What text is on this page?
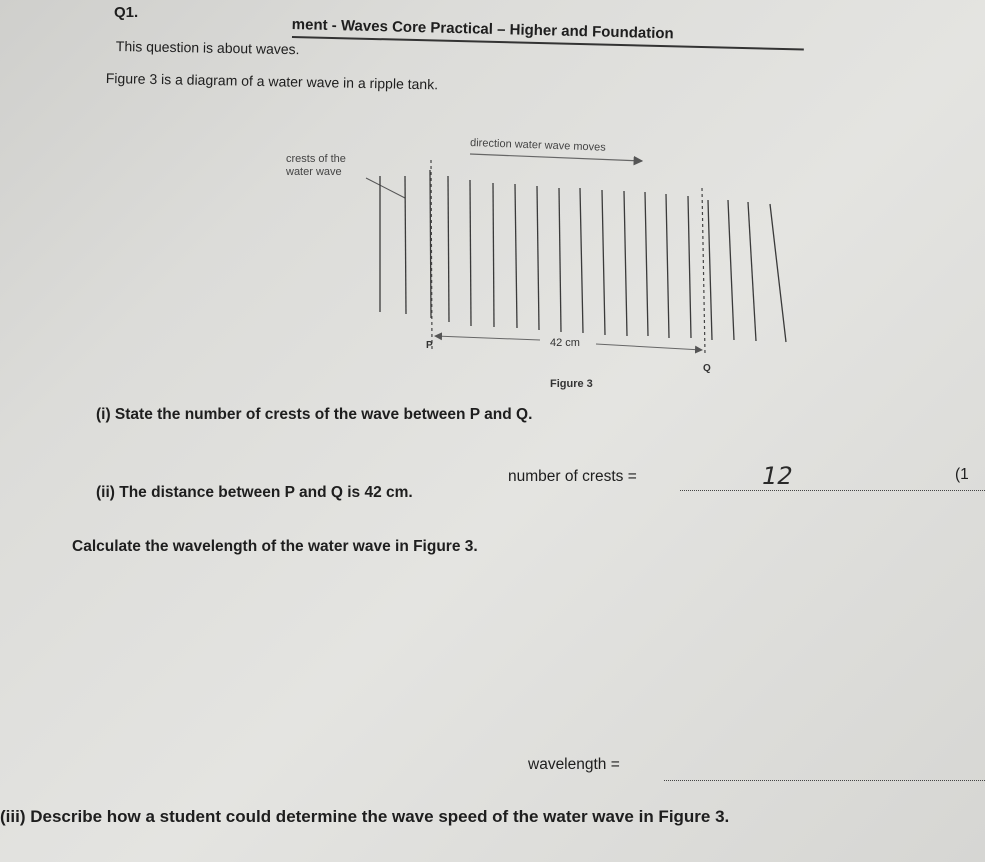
Q1.
ment - Waves Core Practical – Higher and Foundation
This question is about waves.
Figure 3 is a diagram of a water wave in a ripple tank.
direction water wave moves
crests of the
water wave
42 cm
P
Q
Figure 3
(i) State the number of crests of the wave between P and Q.
number of crests =	12	(1
(ii) The distance between P and Q is 42 cm.
Calculate the wavelength of the water wave in Figure 3.
wavelength =
(iii) Describe how a student could determine the wave speed of the water wave in Figure 3.
